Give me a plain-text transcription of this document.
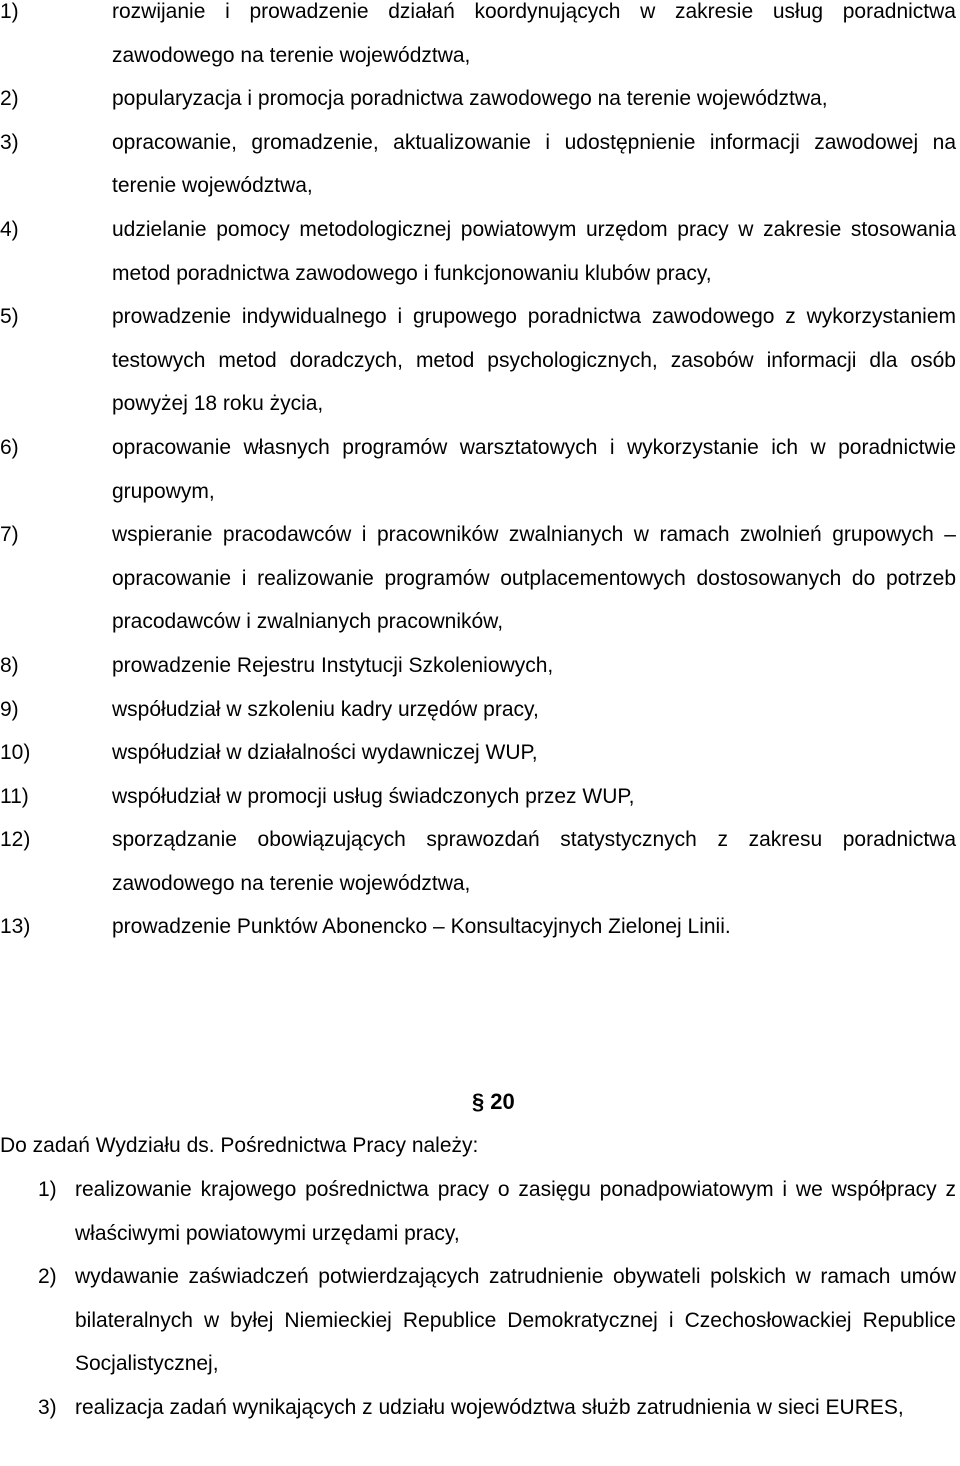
1)	rozwijanie i prowadzenie działań koordynujących w zakresie usług poradnictwa zawodowego na terenie województwa,
2)	popularyzacja i promocja poradnictwa zawodowego na terenie województwa,
3)	opracowanie, gromadzenie, aktualizowanie i udostępnienie informacji zawodowej na terenie województwa,
4)	udzielanie pomocy metodologicznej powiatowym urzędom pracy w zakresie stosowania metod poradnictwa zawodowego i funkcjonowaniu klubów pracy,
5)	prowadzenie indywidualnego i grupowego poradnictwa zawodowego z wykorzystaniem testowych metod doradczych, metod psychologicznych, zasobów informacji dla osób powyżej 18 roku życia,
6)	opracowanie własnych programów warsztatowych i wykorzystanie ich w poradnictwie grupowym,
7)	wspieranie pracodawców i pracowników zwalnianych w ramach zwolnień grupowych – opracowanie i realizowanie programów outplacementowych dostosowanych do potrzeb pracodawców i zwalnianych pracowników,
8)	prowadzenie Rejestru Instytucji Szkoleniowych,
9)	współudział w szkoleniu kadry urzędów pracy,
10)	współudział w działalności wydawniczej WUP,
11)	współudział w promocji usług świadczonych przez WUP,
12)	sporządzanie obowiązujących sprawozdań statystycznych z zakresu poradnictwa zawodowego na terenie województwa,
13)	prowadzenie Punktów Abonencko – Konsultacyjnych Zielonej Linii.
§ 20
Do zadań Wydziału ds. Pośrednictwa Pracy należy:
1) realizowanie krajowego pośrednictwa pracy o zasięgu ponadpowiatowym i we współpracy z właściwymi powiatowymi urzędami pracy,
2) wydawanie zaświadczeń potwierdzających zatrudnienie obywateli polskich w ramach umów bilateralnych w byłej Niemieckiej Republice Demokratycznej i Czechosłowackiej Republice Socjalistycznej,
3) realizacja zadań wynikających z udziału województwa służb zatrudnienia w sieci EURES,
